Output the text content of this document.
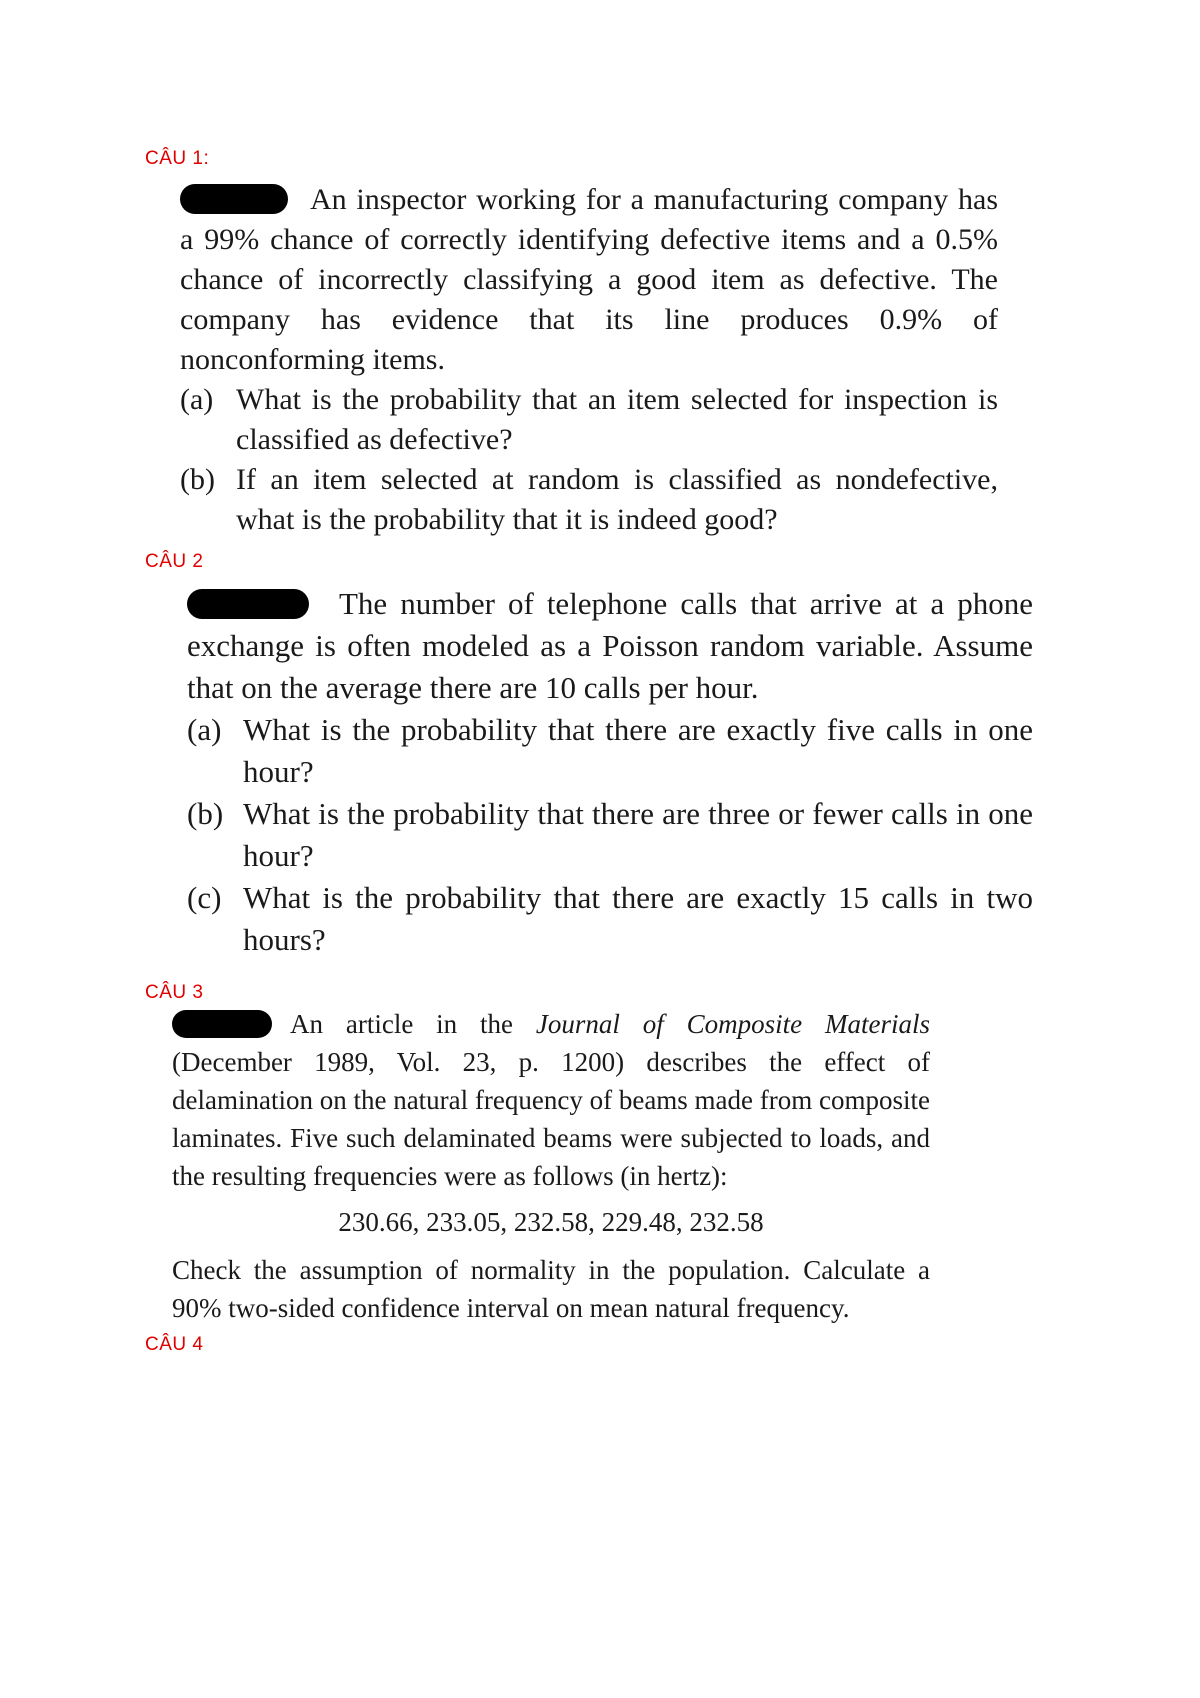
CÂU 1:

An inspector working for a manufacturing company has a 99% chance of correctly identifying defective items and a 0.5% chance of incorrectly classifying a good item as defective. The company has evidence that its line produces 0.9% of nonconforming items.

(a) What is the probability that an item selected for inspection is classified as defective?
(b) If an item selected at random is classified as nondefective, what is the probability that it is indeed good?
CÂU 2

The number of telephone calls that arrive at a phone exchange is often modeled as a Poisson random variable. Assume that on the average there are 10 calls per hour.

(a) What is the probability that there are exactly five calls in one hour?
(b) What is the probability that there are three or fewer calls in one hour?
(c) What is the probability that there are exactly 15 calls in two hours?
CÂU 3

An article in the Journal of Composite Materials (December 1989, Vol. 23, p. 1200) describes the effect of delamination on the natural frequency of beams made from composite laminates. Five such delaminated beams were subjected to loads, and the resulting frequencies were as follows (in hertz):

230.66, 233.05, 232.58, 229.48, 232.58

Check the assumption of normality in the population. Calculate a 90% two-sided confidence interval on mean natural frequency.

CÂU 4
